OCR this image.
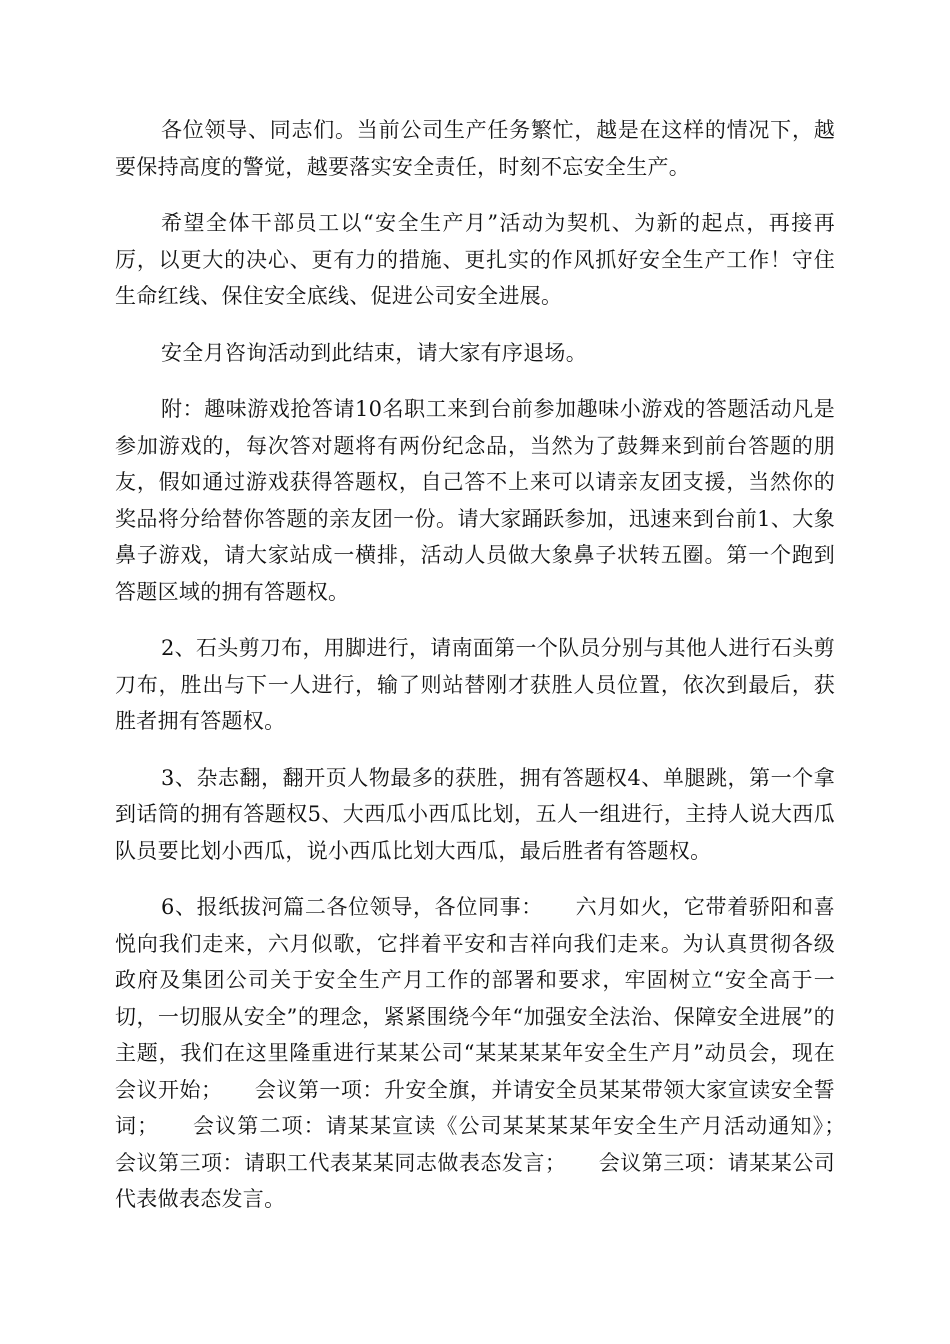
各位领导、同志们。当前公司生产任务繁忙，越是在这样的情况下，越要保持高度的警觉，越要落实安全责任，时刻不忘安全生产。

希望全体干部员工以“安全生产月”活动为契机、为新的起点，再接再厉，以更大的决心、更有力的措施、更扎实的作风抓好安全生产工作！守住生命红线、保住安全底线、促进公司安全进展。

安全月咨询活动到此结束，请大家有序退场。

附：趣味游戏抢答请10名职工来到台前参加趣味小游戏的答题活动凡是参加游戏的，每次答对题将有两份纪念品，当然为了鼓舞来到前台答题的朋友，假如通过游戏获得答题权，自己答不上来可以请亲友团支援，当然你的奖品将分给替你答题的亲友团一份。请大家踊跃参加，迅速来到台前1、大象鼻子游戏，请大家站成一横排，活动人员做大象鼻子状转五圈。第一个跑到答题区域的拥有答题权。

2、石头剪刀布，用脚进行，请南面第一个队员分别与其他人进行石头剪刀布，胜出与下一人进行，输了则站替刚才获胜人员位置，依次到最后，获胜者拥有答题权。

3、杂志翻，翻开页人物最多的获胜，拥有答题权4、单腿跳，第一个拿到话筒的拥有答题权5、大西瓜小西瓜比划，五人一组进行，主持人说大西瓜队员要比划小西瓜，说小西瓜比划大西瓜，最后胜者有答题权。

6、报纸拔河篇二各位领导，各位同事：　　六月如火，它带着骄阳和喜悦向我们走来，六月似歌，它拌着平安和吉祥向我们走来。为认真贯彻各级政府及集团公司关于安全生产月工作的部署和要求，牢固树立“安全高于一切，一切服从安全”的理念，紧紧围绕今年“加强安全法治、保障安全进展”的主题，我们在这里隆重进行某某公司“某某某某年安全生产月”动员会，现在会议开始；　　会议第一项：升安全旗，并请安全员某某带领大家宣读安全誓词；　　会议第二项：请某某宣读《公司某某某某年安全生产月活动通知》；　　会议第三项：请职工代表某某同志做表态发言；　　会议第三项：请某某公司代表做表态发言。
